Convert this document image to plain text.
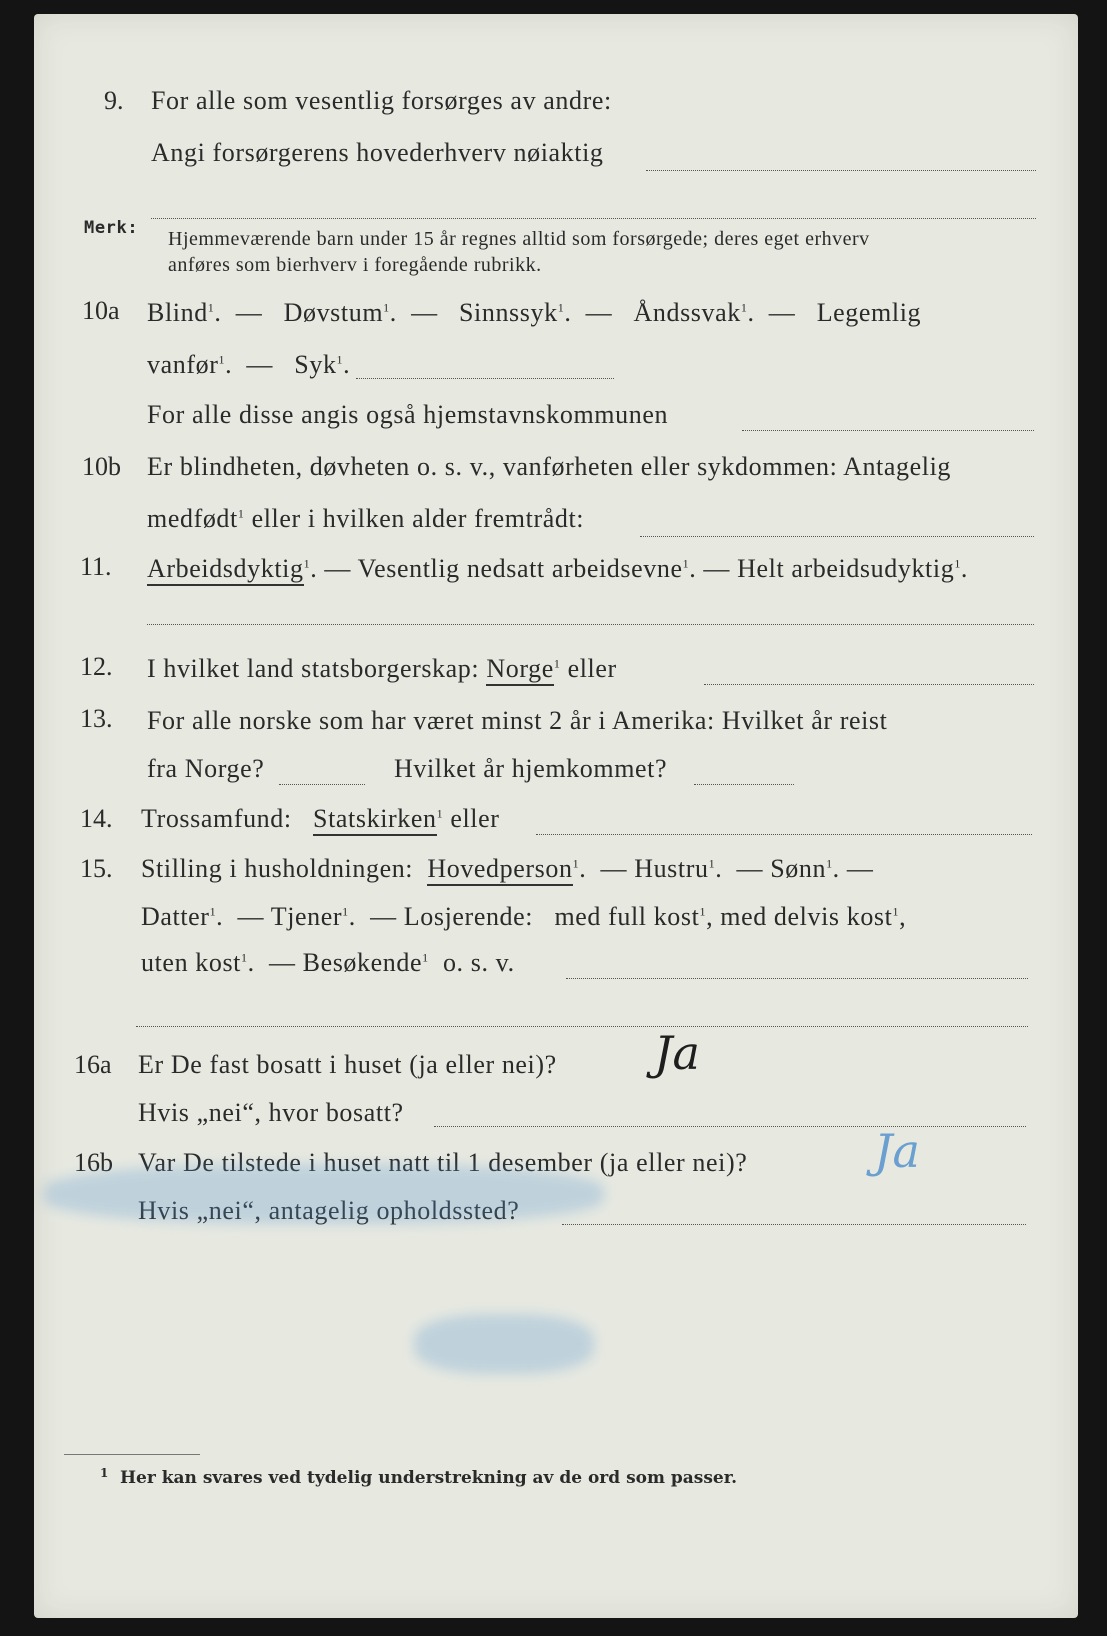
9. For alle som vesentlig forsørges av andre:
Angi forsørgerens hovederhverv nøiaktig
Merk: Hjemmeværende barn under 15 år regnes alltid som forsørgede; deres eget erhverv
anføres som bierhverv i foregående rubrikk.
10a Blind$^1$.  —   Døvstum$^1$.  —   Sinnssyk$^1$.  —   Åndssvak$^1$.  —   Legemlig
vanfør$^1$.  —   Syk$^1$.
For alle disse angis også hjemstavnskommunen
10b Er blindheten, døvheten o. s. v., vanførheten eller sykdommen: Antagelig
medfødt$^1$ eller i hvilken alder fremtrådt:
11. Arbeidsdyktig$^1$. — Vesentlig nedsatt arbeidsevne$^1$. — Helt arbeidsudyktig$^1$.
12. I hvilket land statsborgerskap: Norge$^1$ eller
13. For alle norske som har været minst 2 år i Amerika: Hvilket år reist
fra Norge?	Hvilket år hjemkommet?
14. Trossamfund: Statskirken$^1$ eller
15. Stilling i husholdningen: Hovedperson$^1$.  — Hustru$^1$.  — Sønn$^1$. —
Datter$^1$.  — Tjener$^1$.  — Losjerende: med full kost$^1$, med delvis kost$^1$,
uten kost$^1$.  — Besøkende$^1$ o. s. v.
16a Er De fast bosatt i huset (ja eller nei)? Ja
Hvis „nei“, hvor bosatt?
16b Var De tilstede i huset natt til 1 desember (ja eller nei)?	Ja
Hvis „nei“, antagelig opholdssted?
1 Her kan svares ved tydelig understrekning av de ord som passer.
